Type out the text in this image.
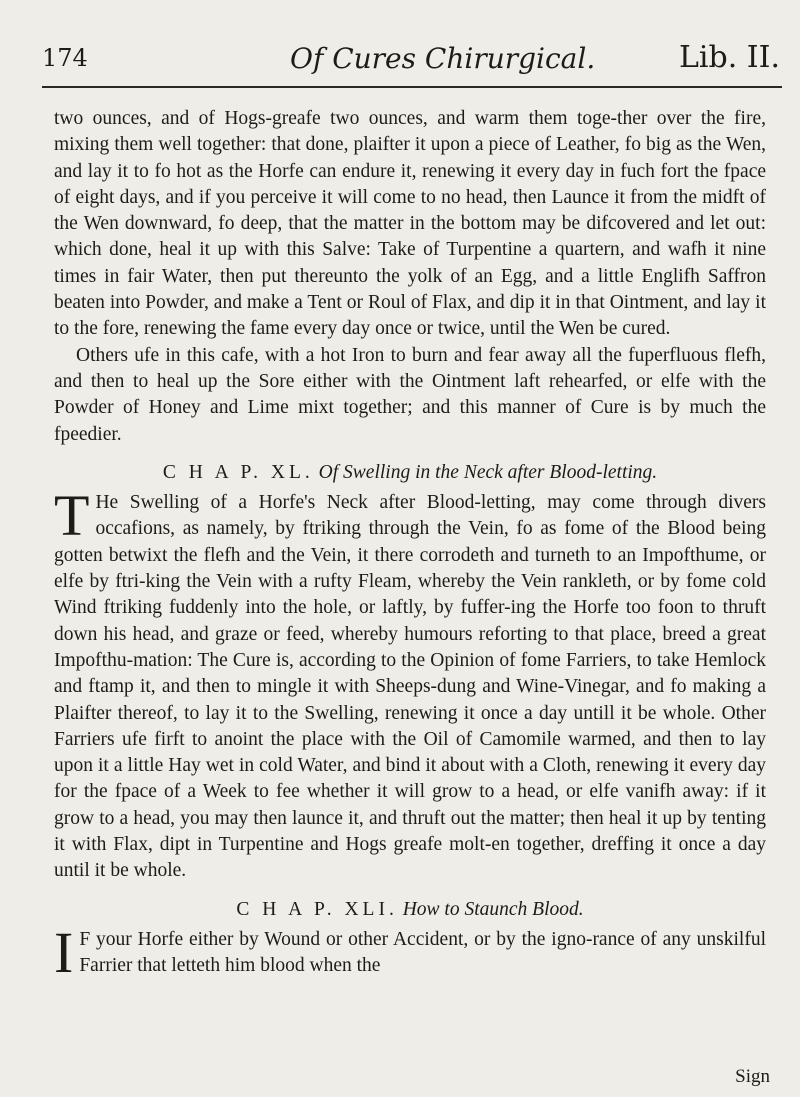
174	Of Cures Chirurgical.	Lib. II.

two ounces, and of Hogs-greafe two ounces, and warm them toge-ther over the fire, mixing them well together: that done, plaifter it upon a piece of Leather, fo big as the Wen, and lay it to fo hot as the Horfe can endure it, renewing it every day in fuch fort the fpace of eight days, and if you perceive it will come to no head, then Launce it from the midft of the Wen downward, fo deep, that the matter in the bottom may be difcovered and let out: which done, heal it up with this Salve: Take of Turpentine a quartern, and wafh it nine times in fair Water, then put thereunto the yolk of an Egg, and a little Englifh Saffron beaten into Powder, and make a Tent or Roul of Flax, and dip it in that Ointment, and lay it to the fore, renewing the fame every day once or twice, until the Wen be cured.

Others ufe in this cafe, with a hot Iron to burn and fear away all the fuperfluous flefh, and then to heal up the Sore either with the Ointment laft rehearfed, or elfe with the Powder of Honey and Lime mixt together; and this manner of Cure is by much the fpeedier.

C H A P. XL. Of Swelling in the Neck after Blood-letting.

T He Swelling of a Horfe's Neck after Blood-letting, may come through divers occafions, as namely, by ftriking through the Vein, fo as fome of the Blood being gotten betwixt the flefh and the Vein, it there corrodeth and turneth to an Impofthume, or elfe by ftri-king the Vein with a rufty Fleam, whereby the Vein rankleth, or by fome cold Wind ftriking fuddenly into the hole, or laftly, by fuffer-ing the Horfe too foon to thruft down his head, and graze or feed, whereby humours reforting to that place, breed a great Impofthu-mation: The Cure is, according to the Opinion of fome Farriers, to take Hemlock and ftamp it, and then to mingle it with Sheeps-dung and Wine-Vinegar, and fo making a Plaifter thereof, to lay it to the Swelling, renewing it once a day untill it be whole. Other Farriers ufe firft to anoint the place with the Oil of Camomile warmed, and then to lay upon it a little Hay wet in cold Water, and bind it about with a Cloth, renewing it every day for the fpace of a Week to fee whether it will grow to a head, or elfe vanifh away: if it grow to a head, you may then launce it, and thruft out the matter; then heal it up by tenting it with Flax, dipt in Turpentine and Hogs greafe molt-en together, dreffing it once a day until it be whole.

C H A P. XLI. How to Staunch Blood.

I F your Horfe either by Wound or other Accident, or by the igno-rance of any unskilful Farrier that letteth him blood when the

Sign
